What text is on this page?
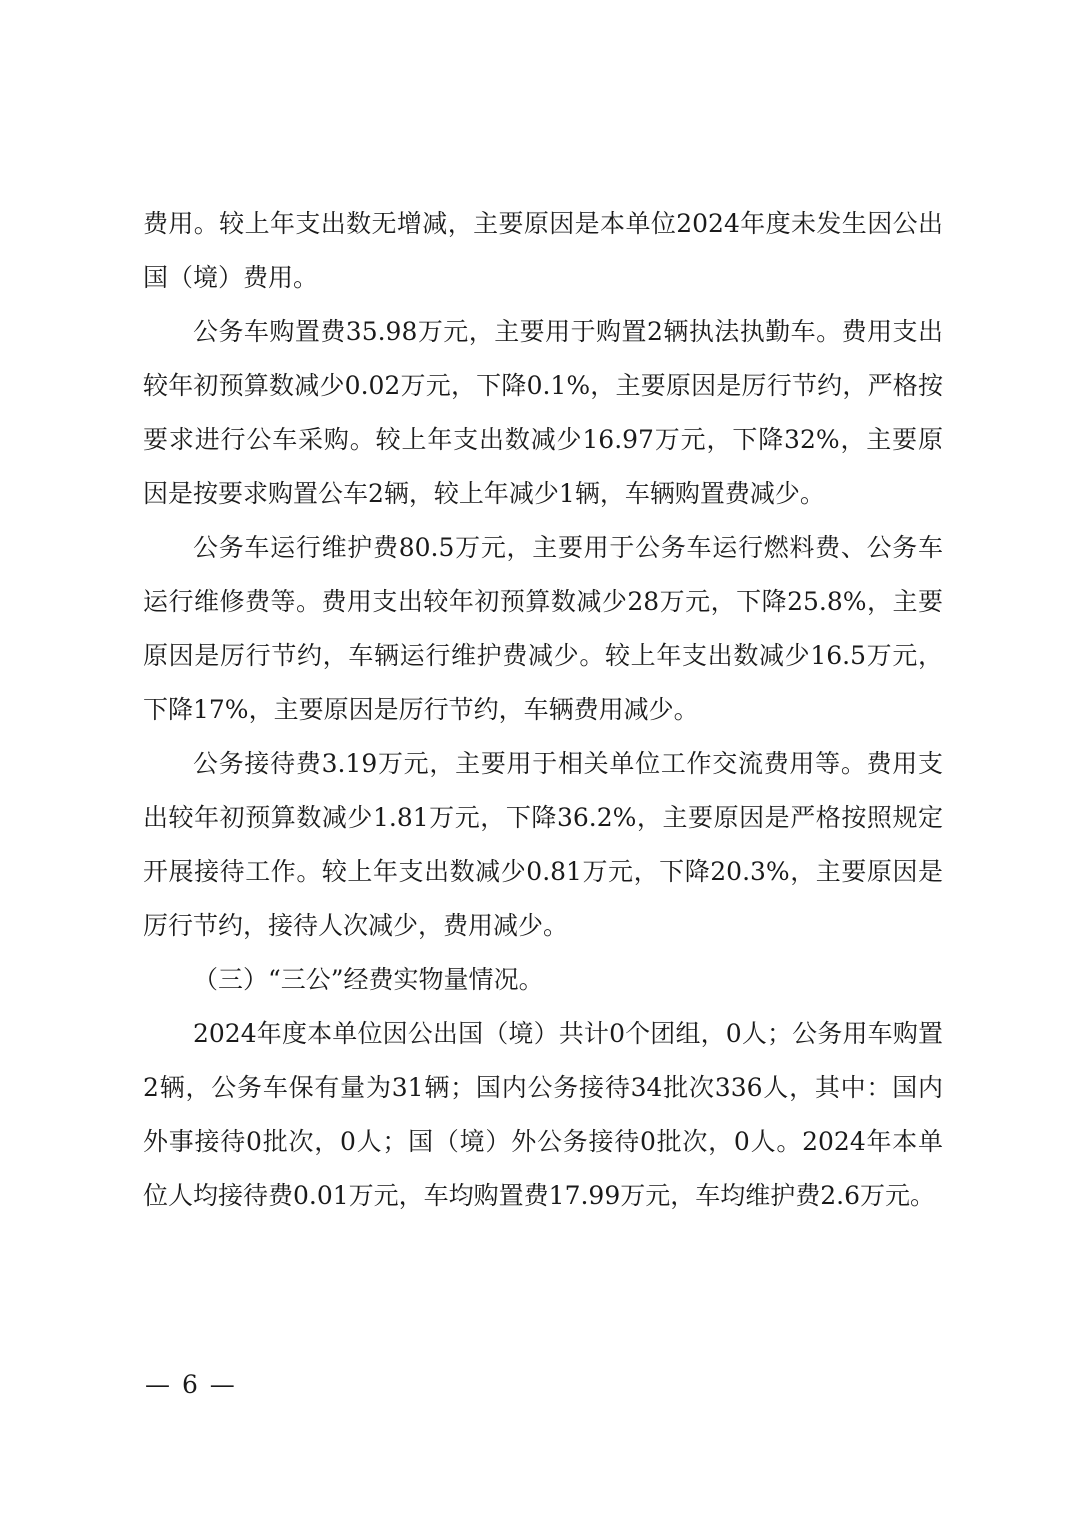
费用。较上年支出数无增减，主要原因是本单位2024年度未发生因公出国（境）费用。

公务车购置费35.98万元，主要用于购置2辆执法执勤车。费用支出较年初预算数减少0.02万元，下降0.1%，主要原因是厉行节约，严格按要求进行公车采购。较上年支出数减少16.97万元，下降32%，主要原因是按要求购置公车2辆，较上年减少1辆，车辆购置费减少。

公务车运行维护费80.5万元，主要用于公务车运行燃料费、公务车运行维修费等。费用支出较年初预算数减少28万元，下降25.8%，主要原因是厉行节约，车辆运行维护费减少。较上年支出数减少16.5万元，下降17%，主要原因是厉行节约，车辆费用减少。

公务接待费3.19万元，主要用于相关单位工作交流费用等。费用支出较年初预算数减少1.81万元，下降36.2%，主要原因是严格按照规定开展接待工作。较上年支出数减少0.81万元，下降20.3%，主要原因是厉行节约，接待人次减少，费用减少。

（三）“三公”经费实物量情况。

2024年度本单位因公出国（境）共计0个团组，0人；公务用车购置2辆，公务车保有量为31辆；国内公务接待34批次336人，其中：国内外事接待0批次，0人；国（境）外公务接待0批次，0人。2024年本单位人均接待费0.01万元，车均购置费17.99万元，车均维护费2.6万元。

— 6 —
